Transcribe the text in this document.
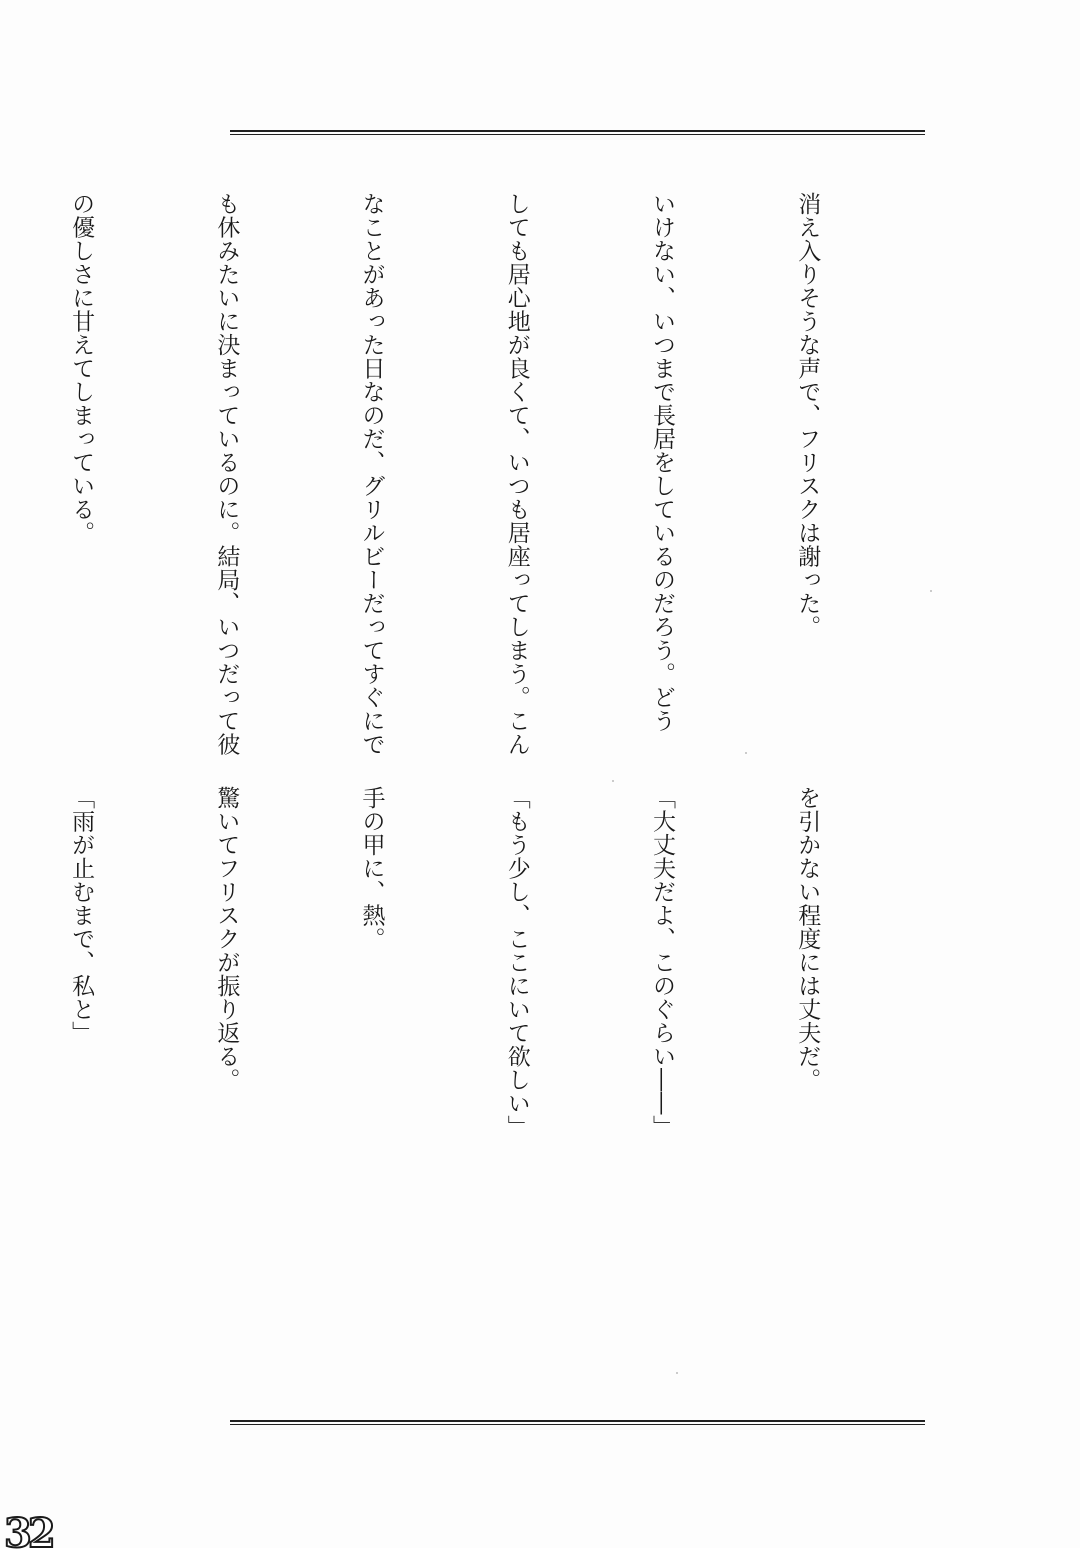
消え入りそうな声で、フリスクは謝った。

いけない、いつまで長居をしているのだろう。どう

しても居心地が良くて、いつも居座ってしまう。こん

なことがあった日なのだ、グリルビーだってすぐにで

も休みたいに決まっているのに。結局、いつだって彼

の優しさに甘えてしまっている。

を引かない程度には丈夫だ。

「大丈夫だよ、このぐらい――」

「もう少し、ここにいて欲しい」

手の甲に、熱。

驚いてフリスクが振り返る。

「雨が止むまで、私と」

32
